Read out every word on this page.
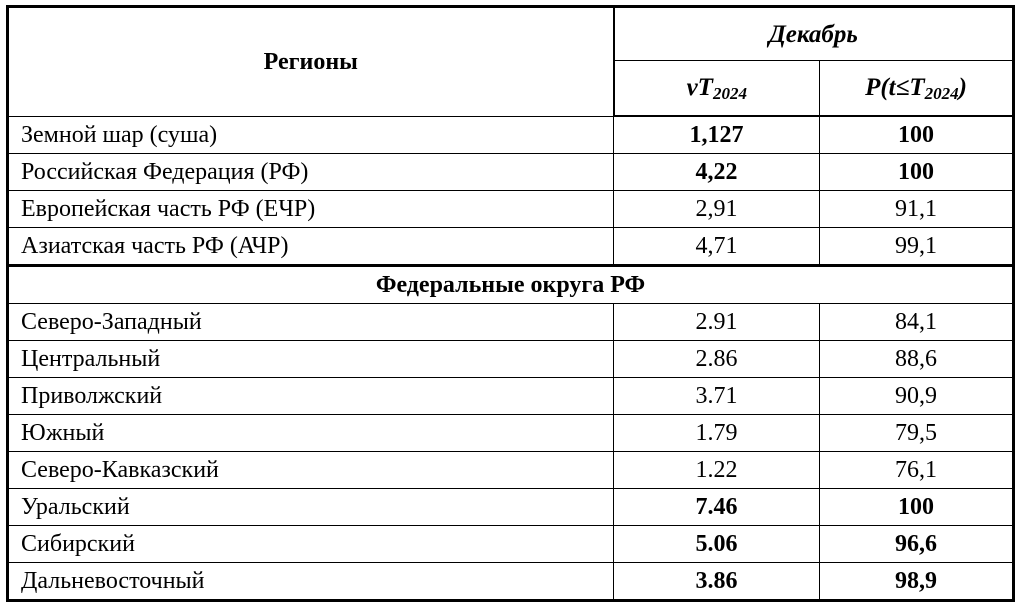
Регионы	Декабрь	
	$vT_{2024}$	$P(t\le T_{2024})$
Земной шар (суша)	1,127	100
Российская Федерация (РФ)	4,22	100
Европейская часть РФ (ЕЧР)	2,91	91,1
Азиатская часть РФ (АЧР)	4,71	99,1
Федеральные округа РФ		
Северо-Западный	2.91	84,1
Центральный	2.86	88,6
Приволжский	3.71	90,9
Южный	1.79	79,5
Северо-Кавказский	1.22	76,1
Уральский	7.46	100
Сибирский	5.06	96,6
Дальневосточный	3.86	98,9
